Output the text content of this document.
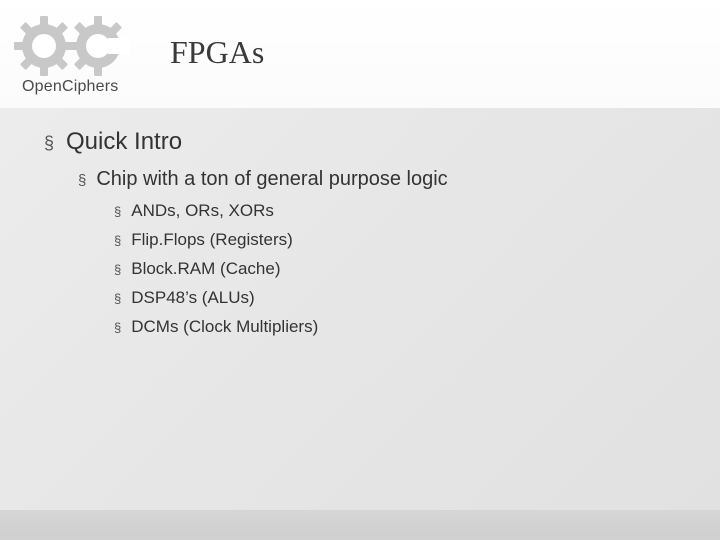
OpenCiphers
FPGAs
§ Quick Intro
§ Chip with a ton of general purpose logic
§ ANDs, ORs, XORs
§ Flip.Flops (Registers)
§ Block.RAM (Cache)
§ DSP48’s (ALUs)
§ DCMs (Clock Multipliers)
